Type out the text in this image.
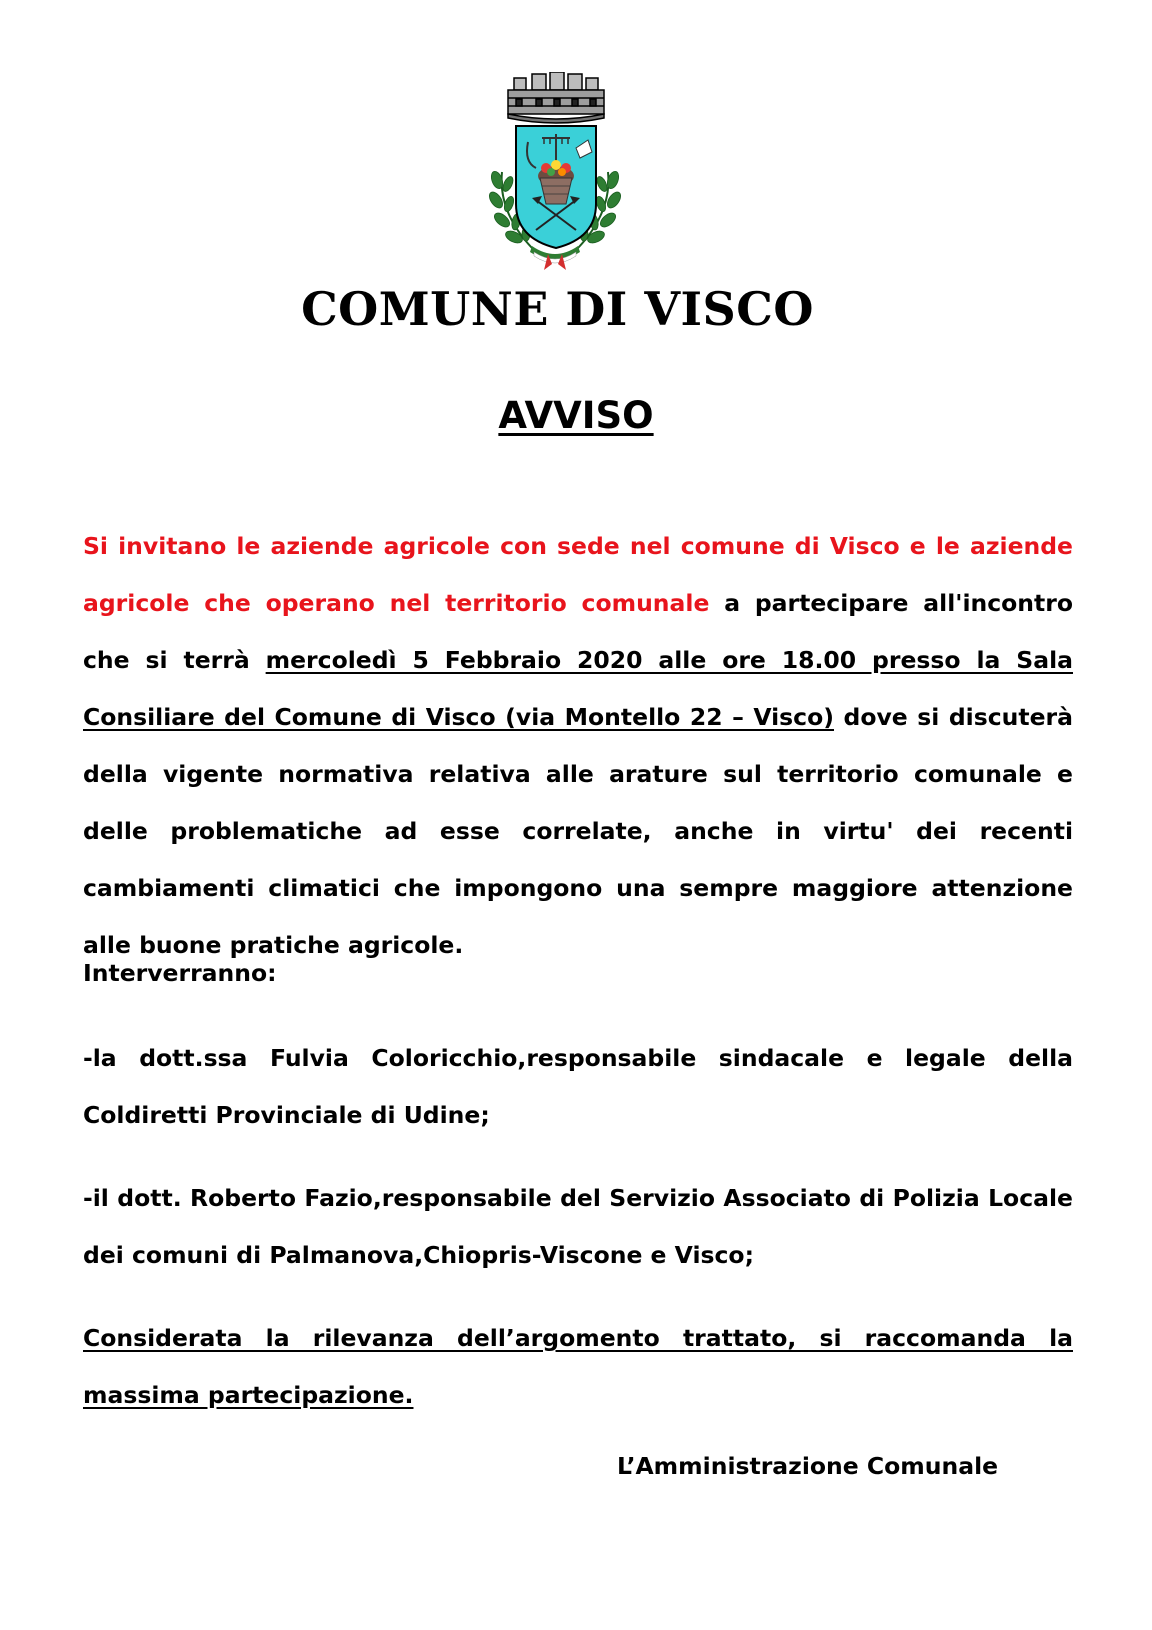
COMUNE DI VISCO
AVVISO

Si invitano le aziende agricole con sede nel comune di Visco e le aziende agricole che operano nel territorio comunale a partecipare all'incontro che si terrà mercoledì 5 Febbraio 2020 alle ore 18.00 presso la Sala Consiliare del Comune di Visco (via Montello 22 – Visco) dove si discuterà della vigente normativa relativa alle arature sul territorio comunale e delle problematiche ad esse correlate, anche in virtu' dei recenti cambiamenti climatici che impongono una sempre maggiore attenzione alle buone pratiche agricole.

Interverranno:

-la dott.ssa Fulvia Coloricchio,responsabile sindacale e legale della Coldiretti Provinciale di Udine;

-il dott. Roberto Fazio,responsabile del Servizio Associato di Polizia Locale dei comuni di Palmanova,Chiopris-Viscone e Visco;

Considerata la rilevanza dell’argomento trattato, si raccomanda la massima partecipazione.

L’Amministrazione Comunale
